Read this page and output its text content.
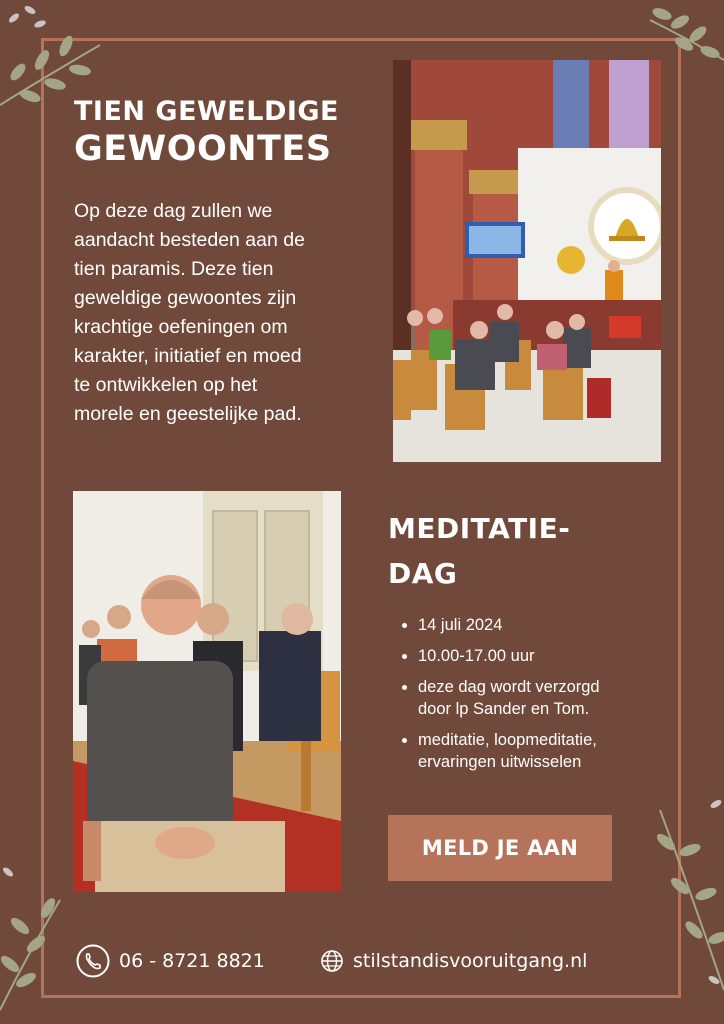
TIEN GEWELDIGE
GEWOONTES

Op deze dag zullen we
aandacht besteden aan de
tien paramis. Deze tien
geweldige gewoontes zijn
krachtige oefeningen om
karakter, initiatief en moed
te ontwikkelen op het
morele en geestelijke pad.

MEDITATIE-
DAG
14 juli 2024
10.00-17.00 uur
deze dag wordt verzorgd
door lp Sander en Tom.
meditatie, loopmeditatie,
ervaringen uitwisselen
MELD JE AAN
06 - 8721 8821	stilstandisvooruitgang.nl
